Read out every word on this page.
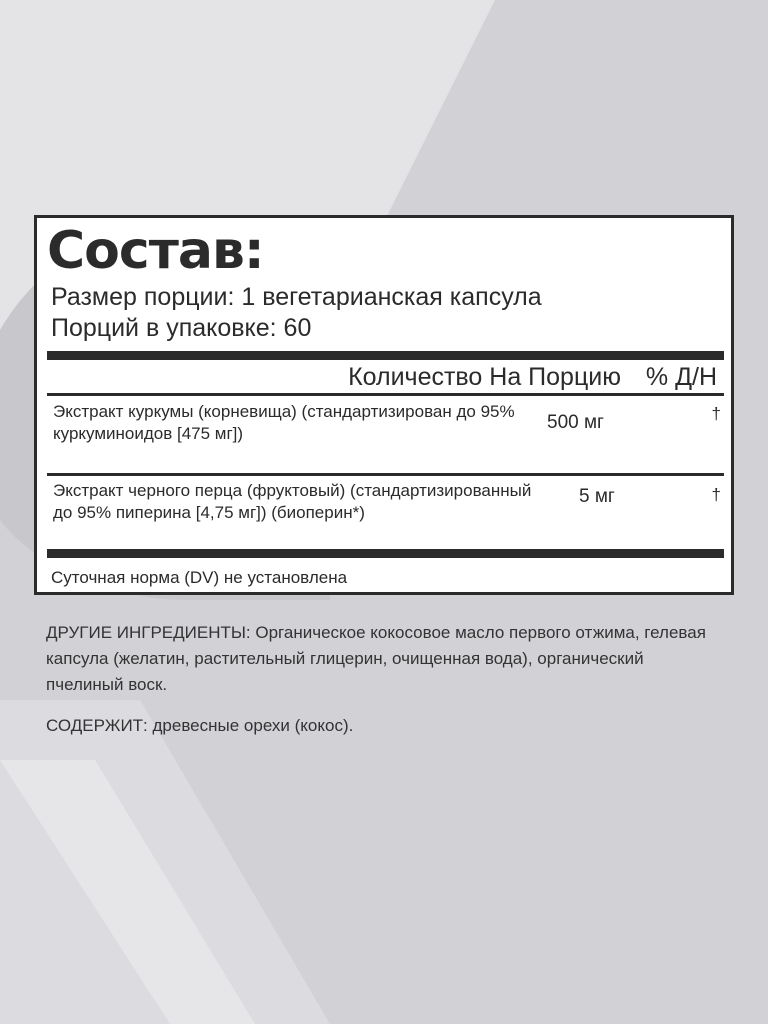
Состав:
Размер порции: 1 вегетарианская капсула
Порций в упаковке: 60
Количество На Порцию % Д/Н
Экстракт куркумы (корневища) (стандартизирован до 95% куркуминоидов [475 мг])
500 мг	†
Экстракт черного перца (фруктовый) (стандартизированный до 95% пиперина [4,75 мг]) (биоперин*)
5 мг	†
Суточная норма (DV) не установлена
ДРУГИЕ ИНГРЕДИЕНТЫ: Органическое кокосовое масло первого отжима, гелевая капсула (желатин, растительный глицерин, очищенная вода), органический пчелиный воск.
СОДЕРЖИТ: древесные орехи (кокос).
